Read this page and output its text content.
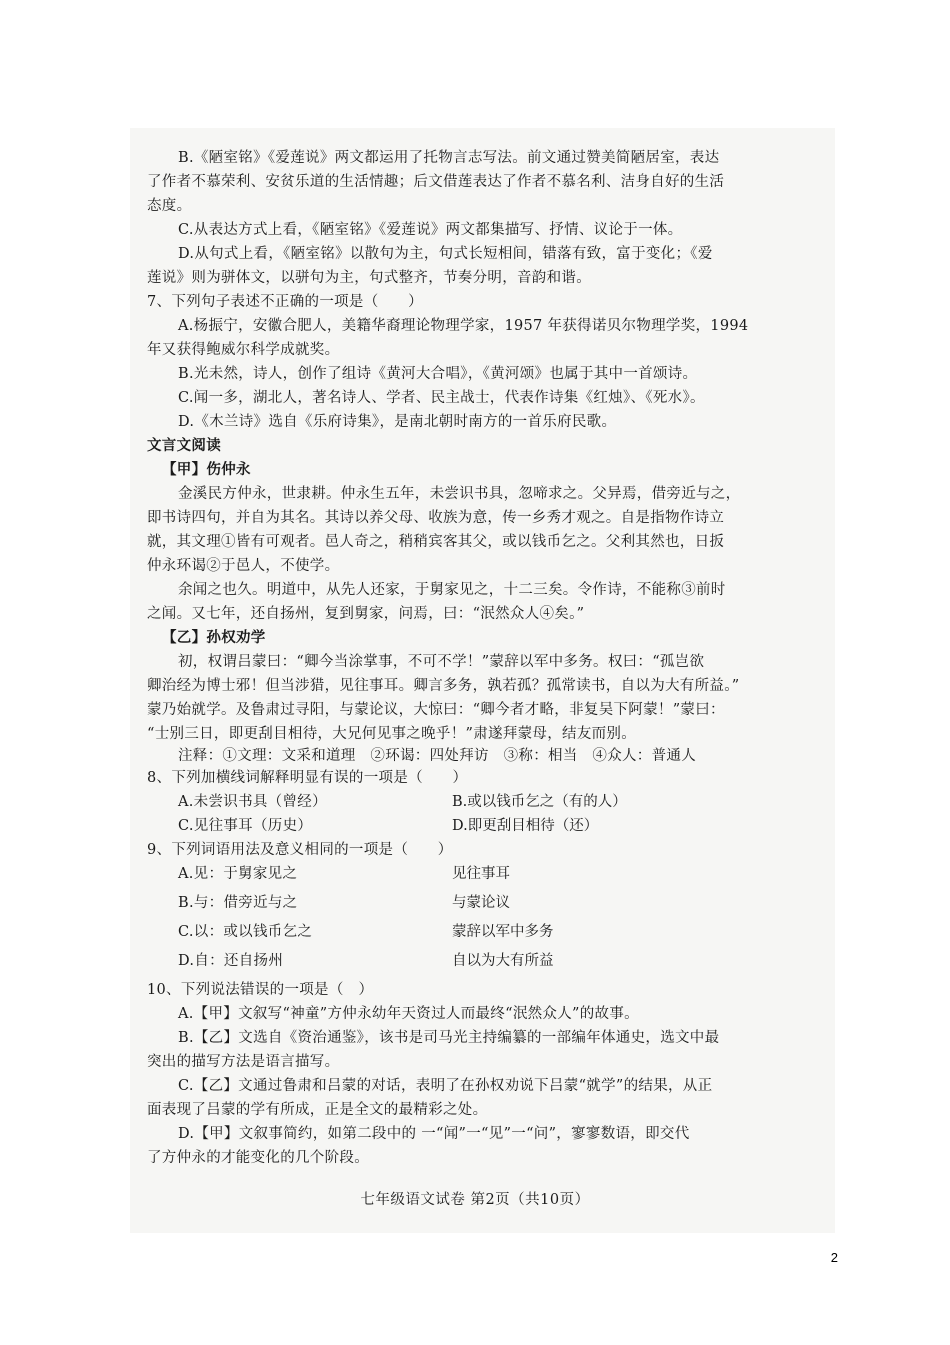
B.《陋室铭》《爱莲说》两文都运用了托物言志写法。前文通过赞美简陋居室，表达
了作者不慕荣利、安贫乐道的生活情趣；后文借莲表达了作者不慕名利、洁身自好的生活
态度。
C.从表达方式上看，《陋室铭》《爱莲说》两文都集描写、抒情、议论于一体。
D.从句式上看，《陋室铭》以散句为主，句式长短相间，错落有致，富于变化；《爱
莲说》则为骈体文，以骈句为主，句式整齐，节奏分明，音韵和谐。
7、下列句子表述不正确的一项是（　　）
A.杨振宁，安徽合肥人，美籍华裔理论物理学家，1957 年获得诺贝尔物理学奖，1994
年又获得鲍威尔科学成就奖。
B.光未然，诗人，创作了组诗《黄河大合唱》，《黄河颂》也属于其中一首颂诗。
C.闻一多，湖北人，著名诗人、学者、民主战士，代表作诗集《红烛》、《死水》。
D.《木兰诗》选自《乐府诗集》，是南北朝时南方的一首乐府民歌。
文言文阅读
【甲】伤仲永
金溪民方仲永，世隶耕。仲永生五年，未尝识书具，忽啼求之。父异焉，借旁近与之，
即书诗四句，并自为其名。其诗以养父母、收族为意，传一乡秀才观之。自是指物作诗立
就，其文理①皆有可观者。邑人奇之，稍稍宾客其父，或以钱币乞之。父利其然也，日扳
仲永环谒②于邑人，不使学。
余闻之也久。明道中，从先人还家，于舅家见之，十二三矣。令作诗，不能称③前时
之闻。又七年，还自扬州，复到舅家，问焉，曰：“泯然众人④矣。”
【乙】孙权劝学
初，权谓吕蒙曰：“卿今当涂掌事，不可不学！”蒙辞以军中多务。权曰：“孤岂欲
卿治经为博士邪！但当涉猎，见往事耳。卿言多务，孰若孤？孤常读书，自以为大有所益。”
蒙乃始就学。及鲁肃过寻阳，与蒙论议，大惊曰：“卿今者才略，非复吴下阿蒙！”蒙曰：
“士别三日，即更刮目相待，大兄何见事之晚乎！”肃遂拜蒙母，结友而别。
注释：①文理：文采和道理　②环谒：四处拜访　③称：相当　④众人：普通人
8、下列加横线词解释明显有误的一项是（　　）
A.未尝识书具（曾经）	B.或以钱币乞之（有的人）
C.见往事耳（历史）	D.即更刮目相待（还）
9、下列词语用法及意义相同的一项是（　　）
A.见：于舅家见之	见往事耳
B.与：借旁近与之	与蒙论议
C.以：或以钱币乞之	蒙辞以军中多务
D.自：还自扬州	自以为大有所益
10、下列说法错误的一项是（　）
A.【甲】文叙写“神童”方仲永幼年天资过人而最终“泯然众人”的故事。
B.【乙】文选自《资治通鉴》，该书是司马光主持编纂的一部编年体通史，选文中最
突出的描写方法是语言描写。
C.【乙】文通过鲁肃和吕蒙的对话，表明了在孙权劝说下吕蒙“就学”的结果，从正
面表现了吕蒙的学有所成，正是全文的最精彩之处。
D.【甲】文叙事简约，如第二段中的 一“闻”一“见”一“问”，寥寥数语，即交代
了方仲永的才能变化的几个阶段。
七年级语文试卷 第2页（共10页）
2
